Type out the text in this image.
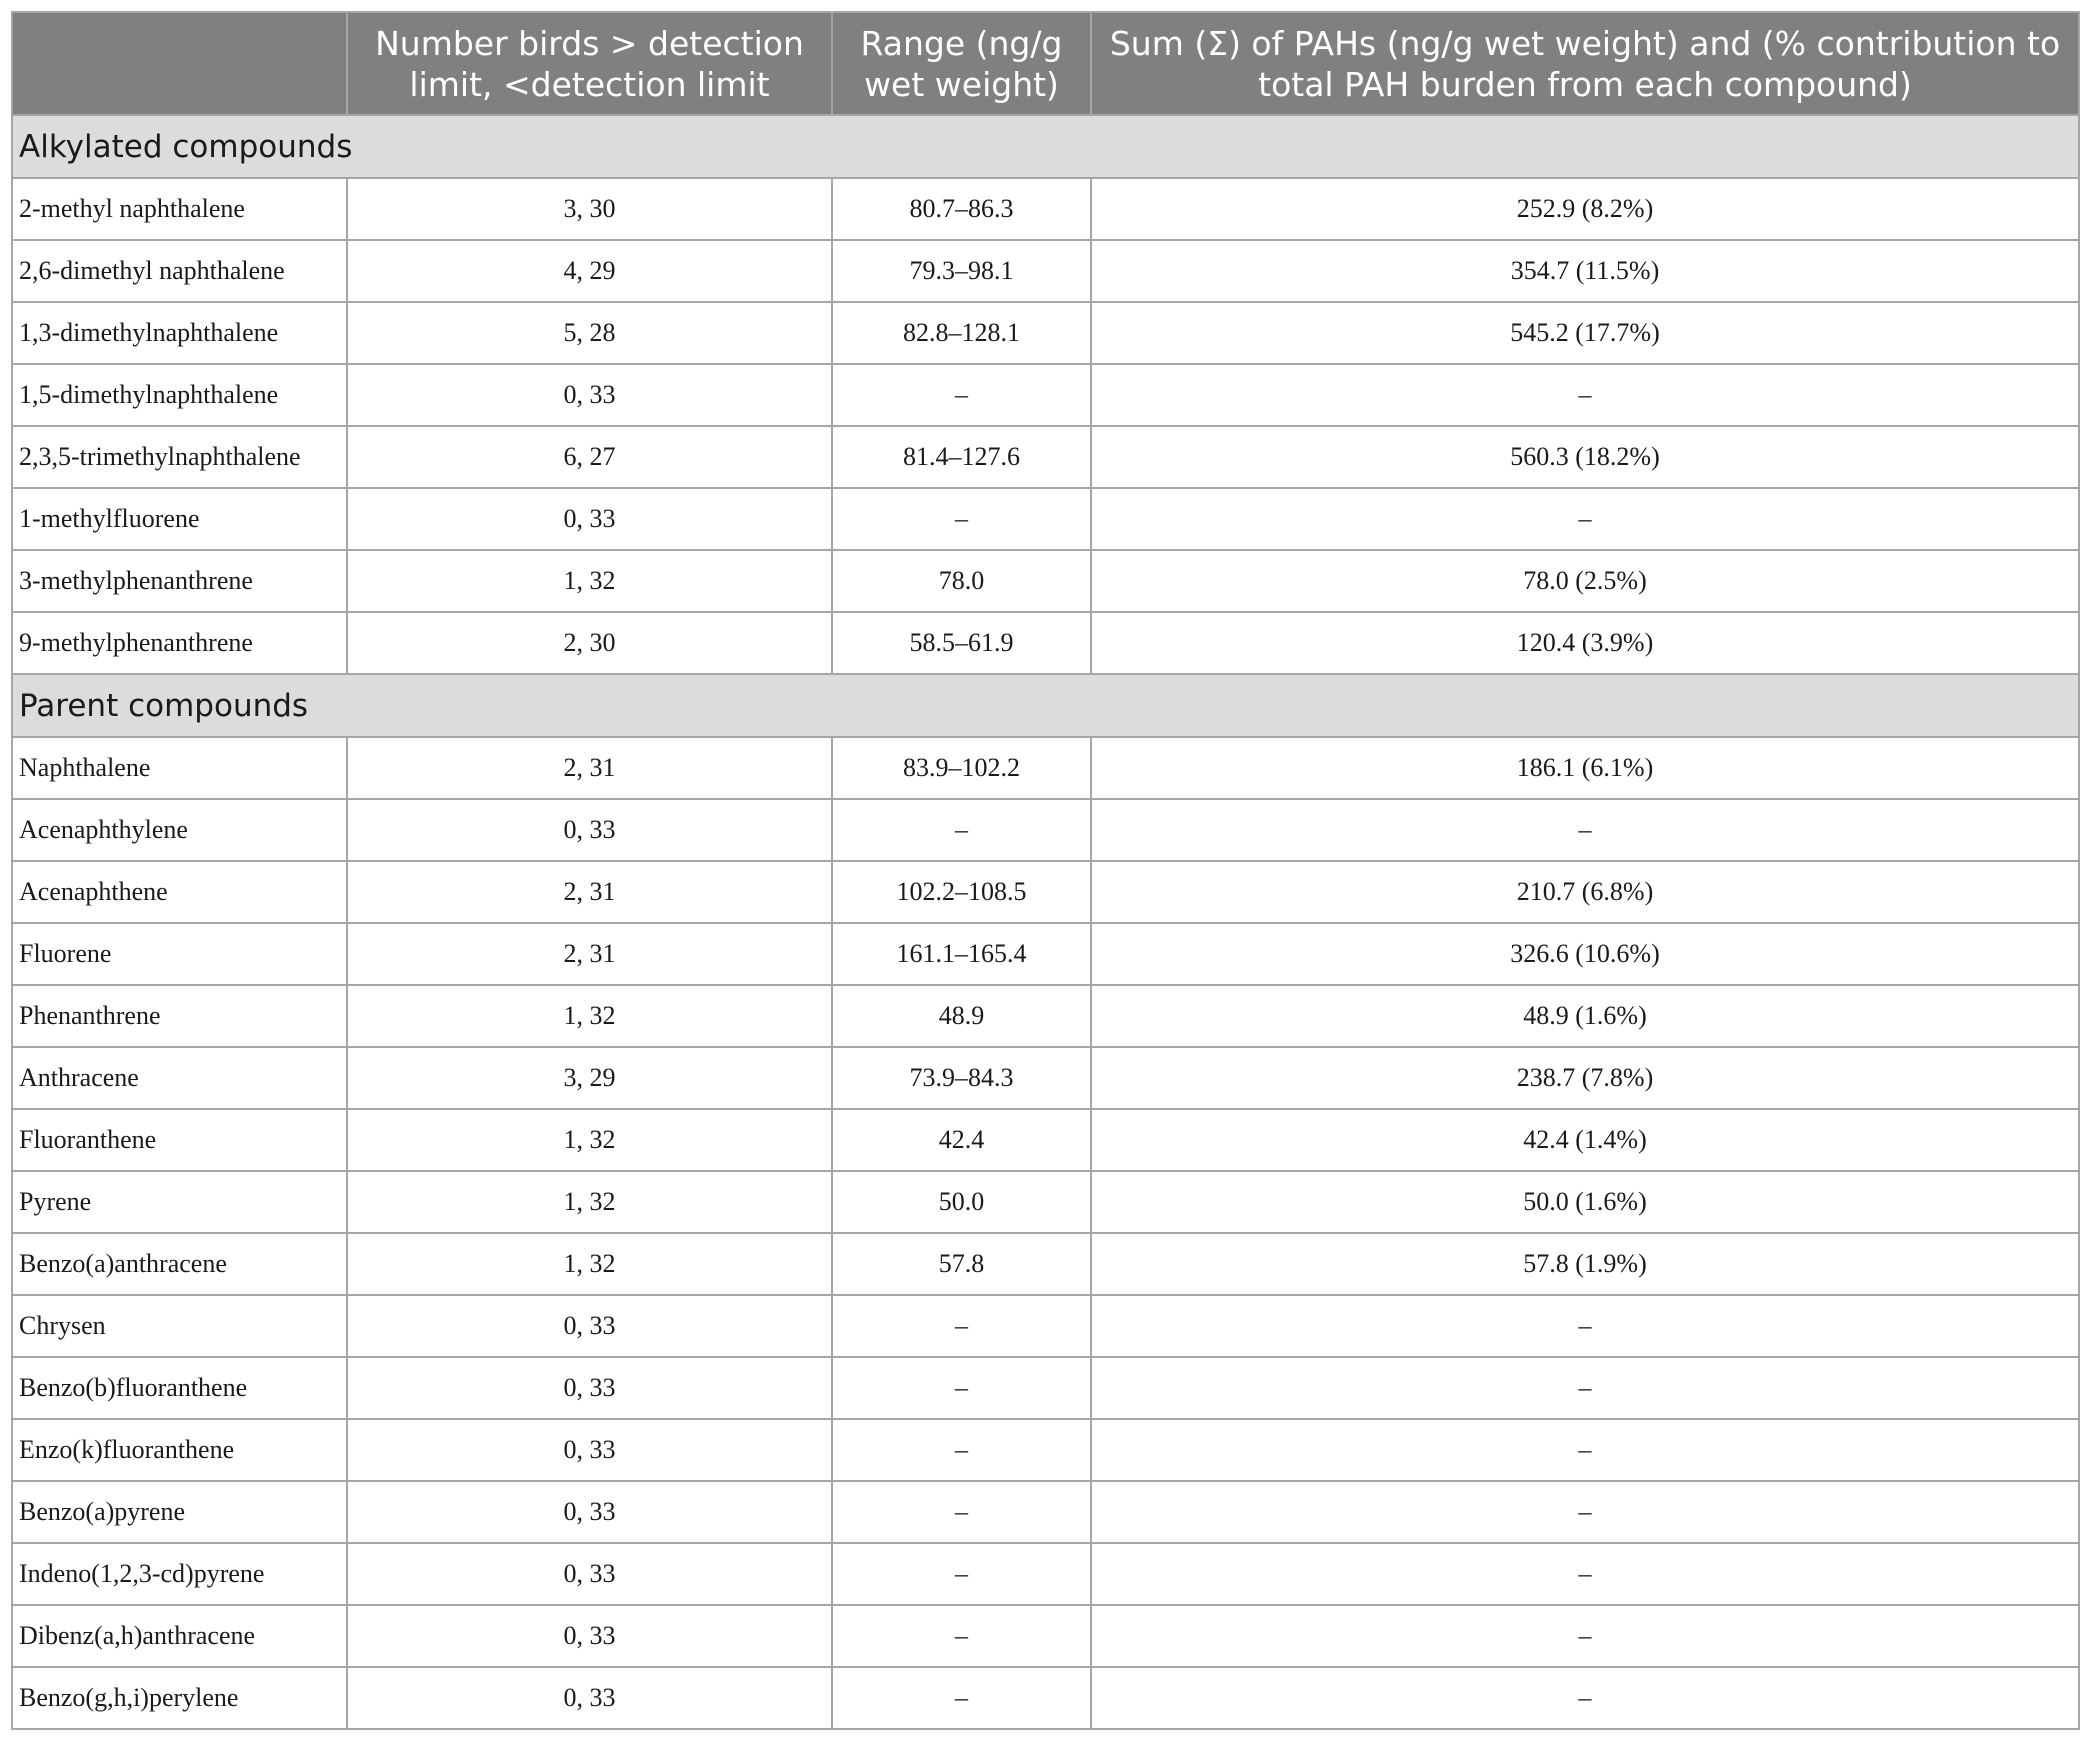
	Number birds > detection limit, <detection limit	Range (ng/g wet weight)	Sum (Σ) of PAHs (ng/g wet weight) and (% contribution to total PAH burden from each compound)
Alkylated compounds			
2-methyl naphthalene	3, 30	80.7–86.3	252.9 (8.2%)
2,6-dimethyl naphthalene	4, 29	79.3–98.1	354.7 (11.5%)
1,3-dimethylnaphthalene	5, 28	82.8–128.1	545.2 (17.7%)
1,5-dimethylnaphthalene	0, 33	–	–
2,3,5-trimethylnaphthalene	6, 27	81.4–127.6	560.3 (18.2%)
1-methylfluorene	0, 33	–	–
3-methylphenanthrene	1, 32	78.0	78.0 (2.5%)
9-methylphenanthrene	2, 30	58.5–61.9	120.4 (3.9%)
Parent compounds			
Naphthalene	2, 31	83.9–102.2	186.1 (6.1%)
Acenaphthylene	0, 33	–	–
Acenaphthene	2, 31	102.2–108.5	210.7 (6.8%)
Fluorene	2, 31	161.1–165.4	326.6 (10.6%)
Phenanthrene	1, 32	48.9	48.9 (1.6%)
Anthracene	3, 29	73.9–84.3	238.7 (7.8%)
Fluoranthene	1, 32	42.4	42.4 (1.4%)
Pyrene	1, 32	50.0	50.0 (1.6%)
Benzo(a)anthracene	1, 32	57.8	57.8 (1.9%)
Chrysen	0, 33	–	–
Benzo(b)fluoranthene	0, 33	–	–
Enzo(k)fluoranthene	0, 33	–	–
Benzo(a)pyrene	0, 33	–	–
Indeno(1,2,3-cd)pyrene	0, 33	–	–
Dibenz(a,h)anthracene	0, 33	–	–
Benzo(g,h,i)perylene	0, 33	–	–
